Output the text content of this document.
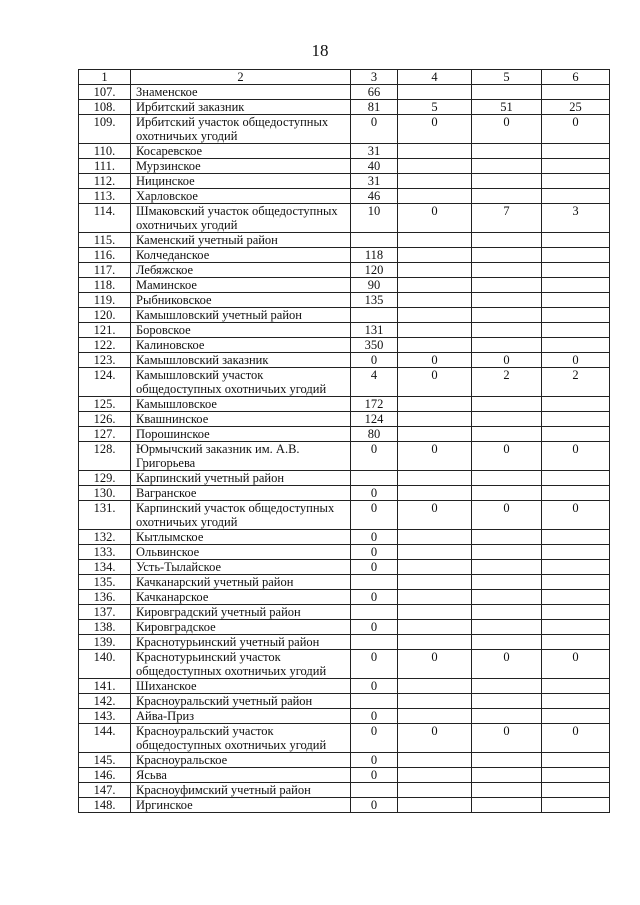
18
1	2	3	4	5	6
107.	Знаменское	66			
108.	Ирбитский заказник	81	5	51	25
109.	Ирбитский участок общедоступных охотничьих угодий	0	0	0	0
110.	Косаревское	31			
111.	Мурзинское	40			
112.	Ницинское	31			
113.	Харловское	46			
114.	Шмаковский участок общедоступных охотничьих угодий	10	0	7	3
115.	Каменский учетный район				
116.	Колчеданское	118			
117.	Лебяжское	120			
118.	Маминское	90			
119.	Рыбниковское	135			
120.	Камышловский учетный район				
121.	Боровское	131			
122.	Калиновское	350			
123.	Камышловский заказник	0	0	0	0
124.	Камышловский участок общедоступных охотничьих угодий	4	0	2	2
125.	Камышловское	172			
126.	Квашнинское	124			
127.	Порошинское	80			
128.	Юрмычский заказник им. А.В. Григорьева	0	0	0	0
129.	Карпинский учетный район				
130.	Вагранское	0			
131.	Карпинский участок общедоступных охотничьих угодий	0	0	0	0
132.	Кытлымское	0			
133.	Ольвинское	0			
134.	Усть-Тылайское	0			
135.	Качканарский учетный район				
136.	Качканарское	0			
137.	Кировградский учетный район				
138.	Кировградское	0			
139.	Краснотурьинский учетный район				
140.	Краснотурьинский участок общедоступных охотничьих угодий	0	0	0	0
141.	Шиханское	0			
142.	Красноуральский учетный район				
143.	Айва-Приз	0			
144.	Красноуральский участок общедоступных охотничьих угодий	0	0	0	0
145.	Красноуральское	0			
146.	Ясьва	0			
147.	Красноуфимский учетный район				
148.	Иргинское	0			
